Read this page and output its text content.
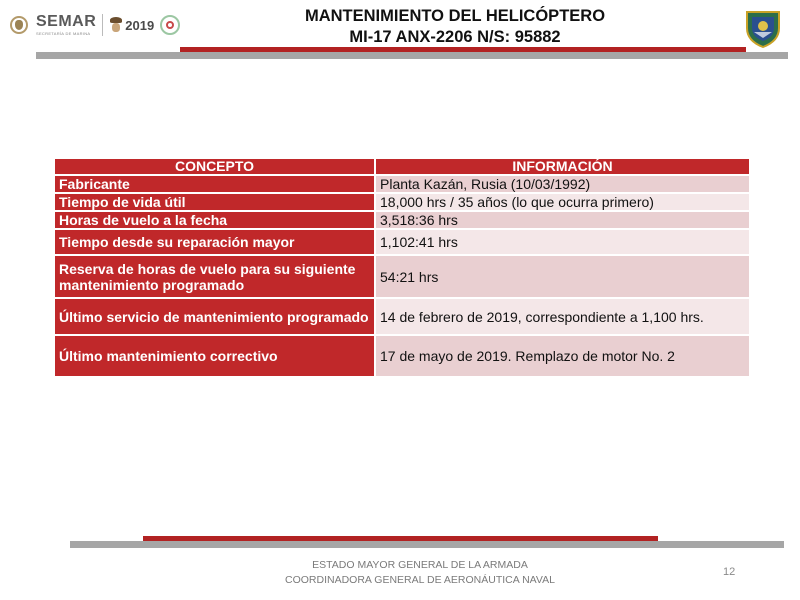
SEMAR
SECRETARÍA DE MARINA
2019	MANTENIMIENTO DEL HELICÓPTERO
MI-17 ANX-2206 N/S: 95882
CONCEPTO	INFORMACIÓN
Fabricante	Planta Kazán, Rusia (10/03/1992)
Tiempo de vida útil	18,000 hrs / 35 años (lo que ocurra primero)
Horas de vuelo a la fecha	3,518:36 hrs
Tiempo desde su reparación mayor	1,102:41 hrs
Reserva de horas de vuelo para su siguiente mantenimiento programado	54:21 hrs
Último servicio de mantenimiento programado	14 de febrero de 2019, correspondiente a 1,100 hrs.
Último mantenimiento correctivo	17 de mayo de 2019. Remplazo de motor No. 2
ESTADO MAYOR GENERAL DE LA ARMADA
COORDINADORA GENERAL DE AERONÁUTICA NAVAL
12
